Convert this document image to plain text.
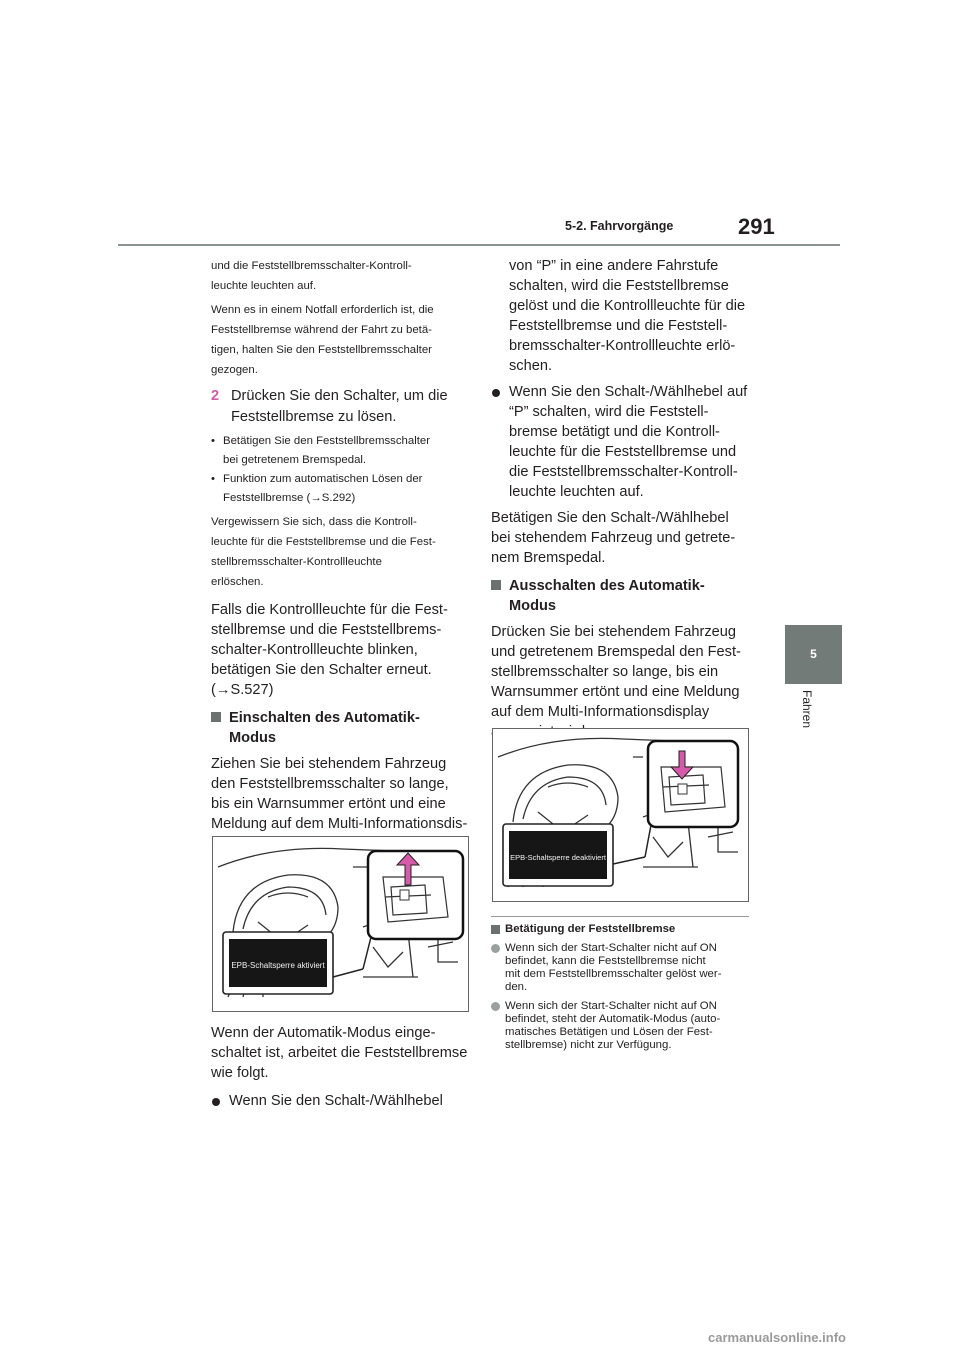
5-2. Fahrvorgänge	291
5
Fahren

und die Feststellbremsschalter-Kontroll-

leuchte leuchten auf.

Wenn es in einem Notfall erforderlich ist, die

Feststellbremse während der Fahrt zu betä-

tigen, halten Sie den Feststellbremsschalter

gezogen.

2 Drücken Sie den Schalter, um die
Feststellbremse zu lösen.
• Betätigen Sie den Feststellbremsschalter
bei getretenem Bremspedal.
• Funktion zum automatischen Lösen der
Feststellbremse (→S.292)

Vergewissern Sie sich, dass die Kontroll-

leuchte für die Feststellbremse und die Fest-

stellbremsschalter-Kontrollleuchte

erlöschen.

Falls die Kontrollleuchte für die Fest-

stellbremse und die Feststellbrems-

schalter-Kontrollleuchte blinken,

betätigen Sie den Schalter erneut.

(→S.527)

Einschalten des Automatik-
Modus

Ziehen Sie bei stehendem Fahrzeug

den Feststellbremsschalter so lange,

bis ein Warnsummer ertönt und eine

Meldung auf dem Multi-Informationsdis-

EPB-Schaltsperre aktiviert

Wenn der Automatik-Modus einge-

schaltet ist, arbeitet die Feststellbremse

wie folgt.

Wenn Sie den Schalt-/Wählhebel

von “P” in eine andere Fahrstufe

schalten, wird die Feststellbremse

gelöst und die Kontrollleuchte für die

Feststellbremse und die Feststell-

bremsschalter-Kontrollleuchte erlö-

schen.

Wenn Sie den Schalt-/Wählhebel auf
“P” schalten, wird die Feststell-
bremse betätigt und die Kontroll-
leuchte für die Feststellbremse und
die Feststellbremsschalter-Kontroll-
leuchte leuchten auf.

Betätigen Sie den Schalt-/Wählhebel

bei stehendem Fahrzeug und getrete-

nem Bremspedal.

Ausschalten des Automatik-
Modus

Drücken Sie bei stehendem Fahrzeug

und getretenem Bremspedal den Fest-

stellbremsschalter so lange, bis ein

Warnsummer ertönt und eine Meldung

auf dem Multi-Informationsdisplay

EPB-Schaltsperre deaktiviert

Betätigung der Feststellbremse

Wenn sich der Start-Schalter nicht auf ON
befindet, kann die Feststellbremse nicht
mit dem Feststellbremsschalter gelöst wer-
den.
Wenn sich der Start-Schalter nicht auf ON
befindet, steht der Automatik-Modus (auto-
matisches Betätigen und Lösen der Fest-
stellbremse) nicht zur Verfügung.
carmanualsonline.info
